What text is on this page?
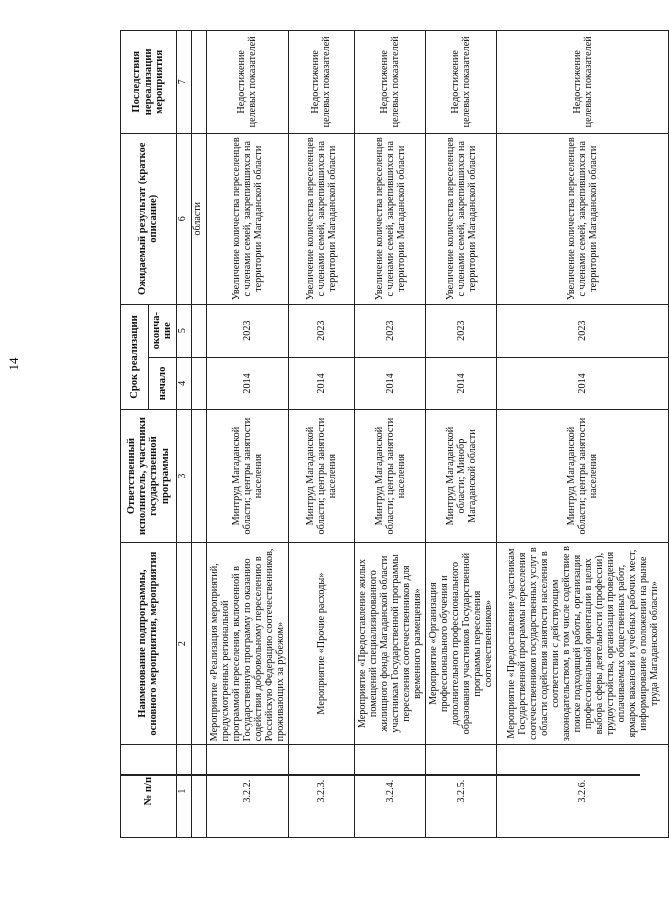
14
№ п/п	Наименование подпрограммы, основного мероприятия, мероприятия	Ответственный исполнитель, участники государственной программы	Срок реализации		Ожидаемый результат (краткое описание)	Последствия нереализации мероприятия
			начало	оконча-ние		
1	2	3	4	5	6	7
					области	
3.2.2.	Мероприятие «Реализация мероприятий, предусмотренных региональной программой переселения, включенной в Государственную программу по оказанию содействия добровольному переселению в Российскую Федерацию соотечественников, проживающих за рубежом»	Минтруд Магаданской области; центры занятости населения	2014	2023	Увеличение количества переселенцев с членами семей, закрепившихся на территории Магаданской области	Недостижение целевых показателей
3.2.3.	Мероприятие «Прочие расходы»	Минтруд Магаданской области; центры занятости населения	2014	2023	Увеличение количества переселенцев с членами семей, закрепившихся на территории Магаданской области	Недостижение целевых показателей
3.2.4.	Мероприятие «Предоставление жилых помещений специализированного жилищного фонда Магаданской области участникам Государственной программы переселения соотечественников для временного размещения»	Минтруд Магаданской области; центры занятости населения	2014	2023	Увеличение количества переселенцев с членами семей, закрепившихся на территории Магаданской области	Недостижение целевых показателей
3.2.5.	Мероприятие «Организация профессионального обучения и дополнительного профессионального образования участников Государственной программы переселения соотечественников»	Минтруд Магаданской области; Минобр Магаданской области	2014	2023	Увеличение количества переселенцев с членами семей, закрепившихся на территории Магаданской области	Недостижение целевых показателей
3.2.6.	Мероприятие «Предоставление участникам Государственной программы переселения соотечественников государственных услуг в области содействия занятости населения в соответствии с действующим законодательством, в том числе содействие в поиске подходящей работы, организация профессиональной ориентации в целях выбора сферы деятельности (профессии), трудоустройства, организация проведения оплачиваемых общественных работ, ярмарок вакансий и учебных рабочих мест, информирование о положении на рынке труда Магаданской области»	Минтруд Магаданской области; центры занятости населения	2014	2023	Увеличение количества переселенцев с членами семей, закрепившихся на территории Магаданской области	Недостижение целевых показателей
